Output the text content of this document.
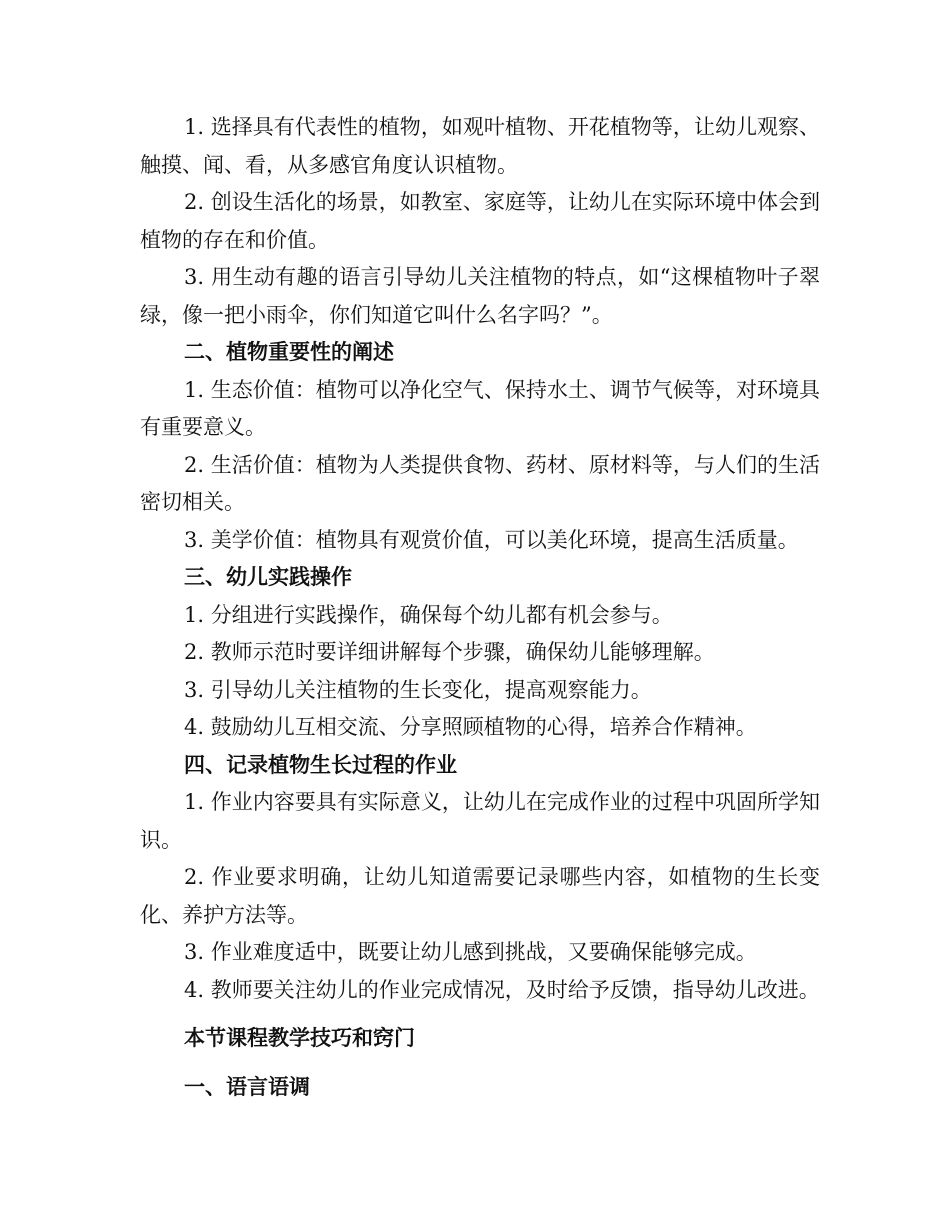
1. 选择具有代表性的植物，如观叶植物、开花植物等，让幼儿观察、触摸、闻、看，从多感官角度认识植物。

2. 创设生活化的场景，如教室、家庭等，让幼儿在实际环境中体会到植物的存在和价值。

3. 用生动有趣的语言引导幼儿关注植物的特点，如“这棵植物叶子翠绿，像一把小雨伞，你们知道它叫什么名字吗？”。

二、植物重要性的阐述

1. 生态价值：植物可以净化空气、保持水土、调节气候等，对环境具有重要意义。

2. 生活价值：植物为人类提供食物、药材、原材料等，与人们的生活密切相关。

3. 美学价值：植物具有观赏价值，可以美化环境，提高生活质量。

三、幼儿实践操作

1. 分组进行实践操作，确保每个幼儿都有机会参与。

2. 教师示范时要详细讲解每个步骤，确保幼儿能够理解。

3. 引导幼儿关注植物的生长变化，提高观察能力。

4. 鼓励幼儿互相交流、分享照顾植物的心得，培养合作精神。

四、记录植物生长过程的作业

1. 作业内容要具有实际意义，让幼儿在完成作业的过程中巩固所学知识。

2. 作业要求明确，让幼儿知道需要记录哪些内容，如植物的生长变化、养护方法等。

3. 作业难度适中，既要让幼儿感到挑战，又要确保能够完成。

4. 教师要关注幼儿的作业完成情况，及时给予反馈，指导幼儿改进。

本节课程教学技巧和窍门

一、语言语调
